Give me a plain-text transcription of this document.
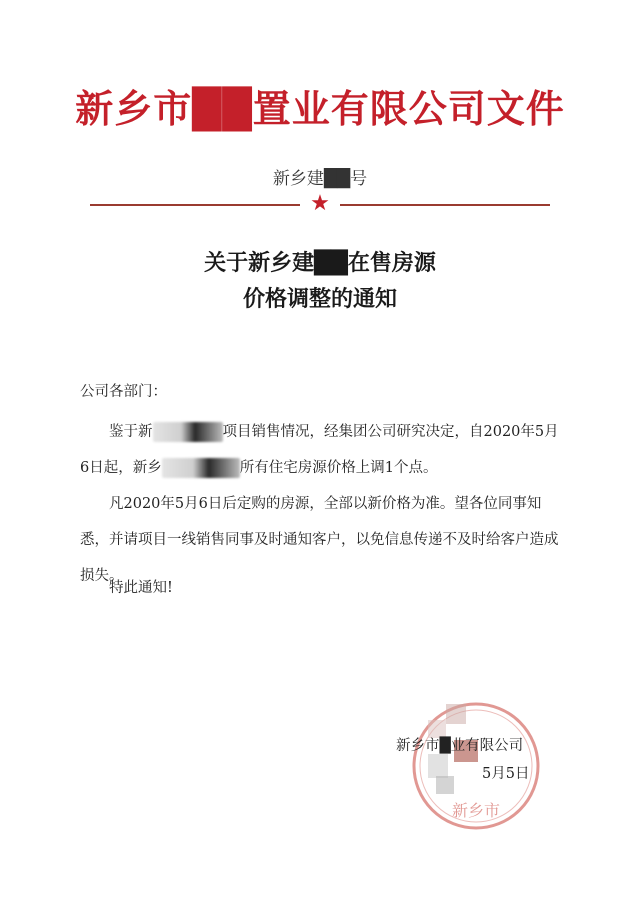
新乡市██置业有限公司文件
新乡建██号
★
关于新乡建██在售房源
价格调整的通知
公司各部门：
鉴于新	项目销售情况，经集团公司研究决定，自2020年5月6日起，新乡	所有住宅房源价格上调1个点。
凡2020年5月6日后定购的房源，全部以新价格为准。望各位同事知悉，并请项目一线销售同事及时通知客户，以免信息传递不及时给客户造成损失。
特此通知!
新乡市
新乡市█业有限公司
5月5日
